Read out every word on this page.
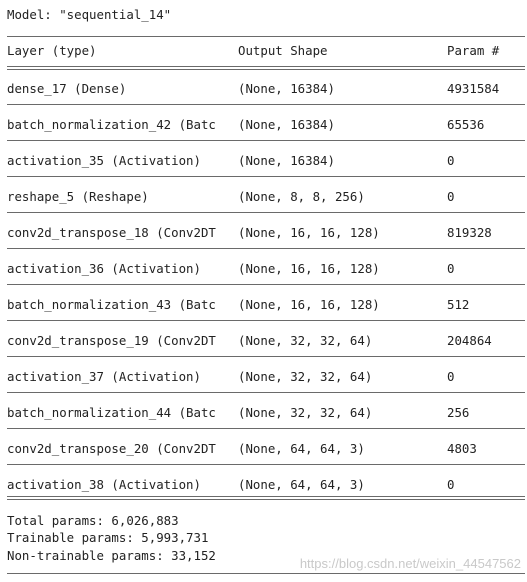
Model: "sequential_14"
Layer (type)	Output Shape	Param #
dense_17 (Dense)	(None, 16384)	4931584
batch_normalization_42 (Batc (None, 16384)	65536
activation_35 (Activation)	(None, 16384)	0
reshape_5 (Reshape)	(None, 8, 8, 256)	0
conv2d_transpose_18 (Conv2DT (None, 16, 16, 128)	819328
activation_36 (Activation)	(None, 16, 16, 128)	0
batch_normalization_43 (Batc (None, 16, 16, 128)	512
conv2d_transpose_19 (Conv2DT (None, 32, 32, 64)	204864
activation_37 (Activation)	(None, 32, 32, 64)	0
batch_normalization_44 (Batc (None, 32, 32, 64)	256
conv2d_transpose_20 (Conv2DT (None, 64, 64, 3)	4803
activation_38 (Activation)	(None, 64, 64, 3)	0
Total params: 6,026,883
Trainable params: 5,993,731
Non-trainable params: 33,152
https://blog.csdn.net/weixin_44547562
